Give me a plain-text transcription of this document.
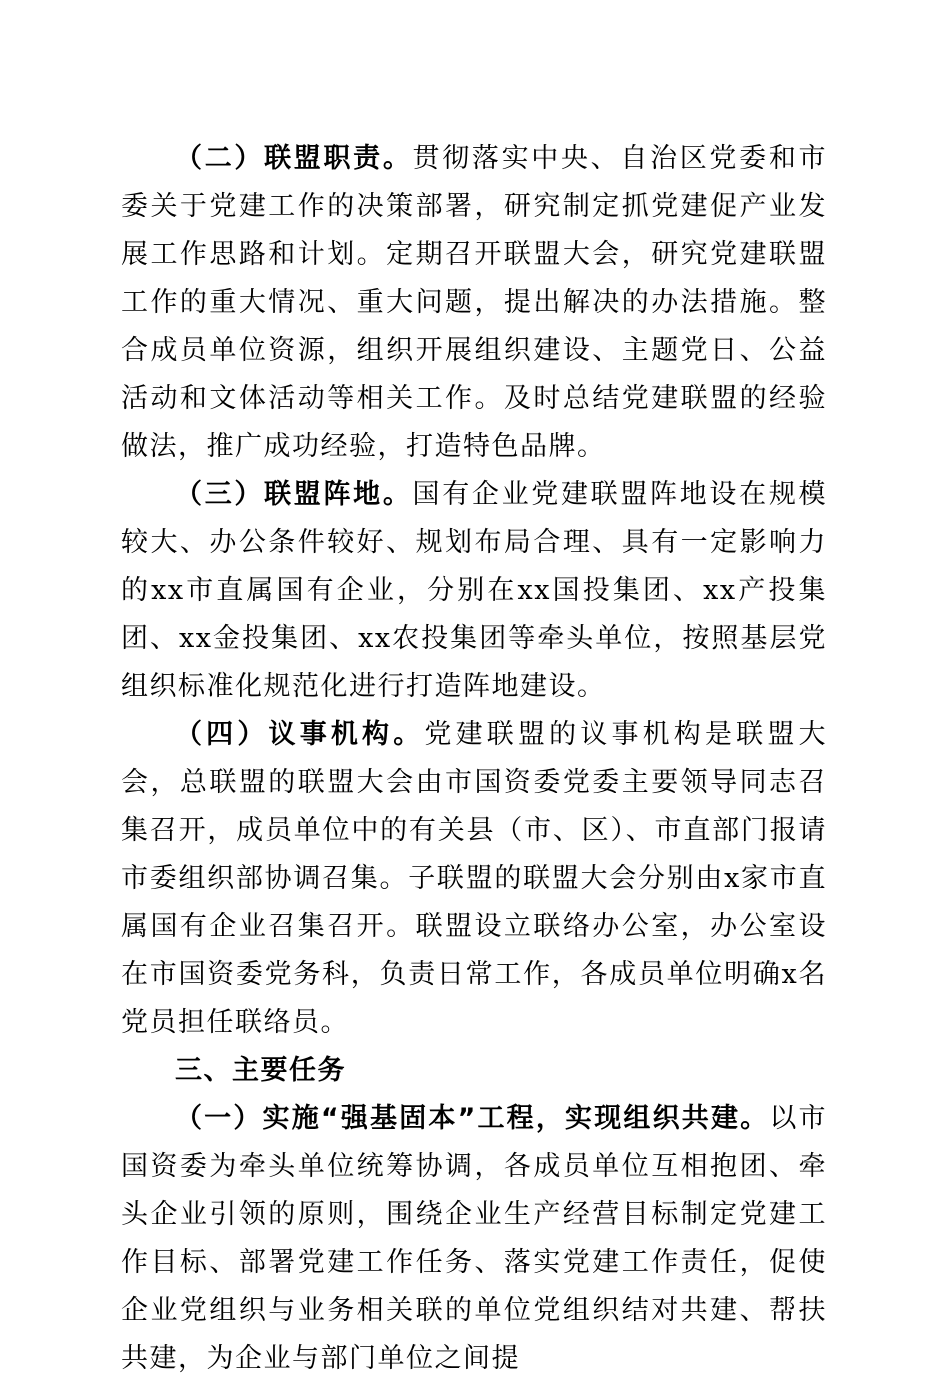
（二）联盟职责。贯彻落实中央、自治区党委和市委关于党建工作的决策部署，研究制定抓党建促产业发展工作思路和计划。定期召开联盟大会，研究党建联盟工作的重大情况、重大问题，提出解决的办法措施。整合成员单位资源，组织开展组织建设、主题党日、公益活动和文体活动等相关工作。及时总结党建联盟的经验做法，推广成功经验，打造特色品牌。

（三）联盟阵地。国有企业党建联盟阵地设在规模较大、办公条件较好、规划布局合理、具有一定影响力的xx市直属国有企业，分别在xx国投集团、xx产投集团、xx金投集团、xx农投集团等牵头单位，按照基层党组织标准化规范化进行打造阵地建设。

（四）议事机构。党建联盟的议事机构是联盟大会，总联盟的联盟大会由市国资委党委主要领导同志召集召开，成员单位中的有关县（市、区）、市直部门报请市委组织部协调召集。子联盟的联盟大会分别由x家市直属国有企业召集召开。联盟设立联络办公室，办公室设在市国资委党务科，负责日常工作，各成员单位明确x名党员担任联络员。

三、主要任务

（一）实施“强基固本”工程，实现组织共建。以市国资委为牵头单位统筹协调，各成员单位互相抱团、牵头企业引领的原则，围绕企业生产经营目标制定党建工作目标、部署党建工作任务、落实党建工作责任，促使企业党组织与业务相关联的单位党组织结对共建、帮扶共建，为企业与部门单位之间提
